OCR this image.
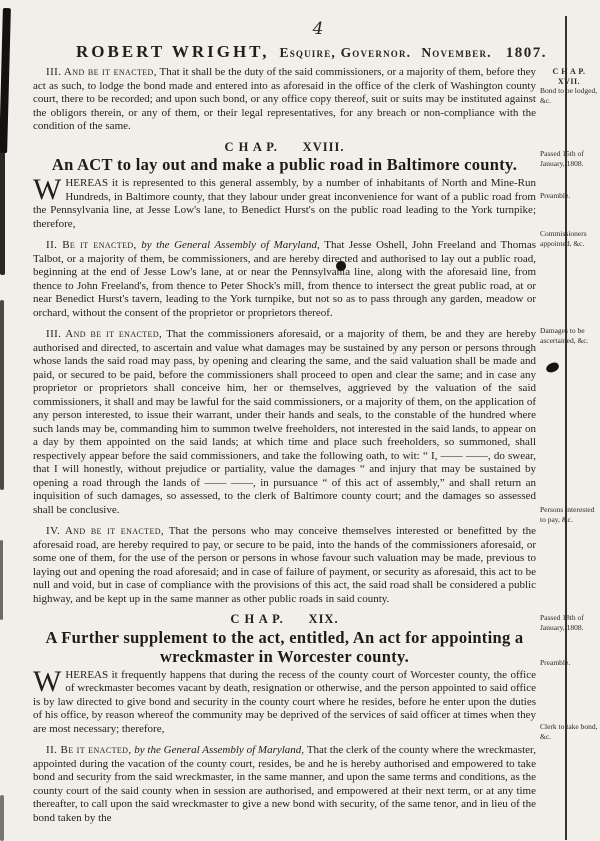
4
ROBERT WRIGHT, Esquire, Governor. November. 1807.

III. And be it enacted, That it shall be the duty of the said commissioners, or a majority of them, before they act as such, to lodge the bond made and entered into as aforesaid in the office of the clerk of Washington county court, there to be recorded; and upon such bond, or any office copy thereof, suit or suits may be instituted against the obligors therein, or any of them, or their legal representatives, for any breach or non-compliance with the condition of the same.

C H A P.      XVIII.

An ACT to lay out and make a public road in Baltimore county.

WHEREAS it is represented to this general assembly, by a number of inhabitants of North and Mine-Run Hundreds, in Baltimore county, that they labour under great inconvenience for want of a public road from the Pennsylvania line, at Jesse Low's lane, to Benedict Hurst's on the public road leading to the York turnpike; therefore,

II. Be it enacted, by the General Assembly of Maryland, That Jesse Oshell, John Freeland and Thomas Talbot, or a majority of them, be commissioners, and are hereby directed and authorised to lay out a public road, beginning at the end of Jesse Low's lane, at or near the Pennsylvania line, along with the aforesaid line, from thence to John Freeland's, from thence to Peter Shock's mill, from thence to intersect the great public road, at or near Benedict Hurst's tavern, leading to the York turnpike, but not so as to pass through any garden, meadow or orchard, without the consent of the proprietor or proprietors thereof.

III. And be it enacted, That the commissioners aforesaid, or a majority of them, be and they are hereby authorised and directed, to ascertain and value what damages may be sustained by any person or persons through whose lands the said road may pass, by opening and clearing the same, and the said valuation shall be made and paid, or secured to be paid, before the commissioners shall proceed to open and clear the same; and in case any proprietor or proprietors shall conceive him, her or themselves, aggrieved by the valuation of the said commissioners, it shall and may be lawful for the said commissioners, or a majority of them, on the application of any person interested, to issue their warrant, under their hands and seals, to the constable of the hundred where such lands may be, commanding him to summon twelve freeholders, not interested in the said lands, to appear on a day by them appointed on the said lands; at which time and place such freeholders, so summoned, shall respectively appear before the said commissioners, and take the following oath, to wit: “ I, —— ——, do swear, that I will honestly, without prejudice or partiality, value the damages “ and injury that may be sustained by opening a road through the lands of —— ——, in pursuance “ of this act of assembly,” and shall return an inquisition of such damages, so assessed, to the clerk of Baltimore county court; and the damages so assessed shall be conclusive.

IV. And be it enacted, That the persons who may conceive themselves interested or benefitted by the aforesaid road, are hereby required to pay, or secure to be paid, into the hands of the commissioners aforesaid, or some one of them, for the use of the person or persons in whose favour such valuation may be made, previous to laying out and opening the road aforesaid; and in case of failure of payment, or security as aforesaid, this act to be null and void, but in case of compliance with the provisions of this act, the said road shall be considered a public highway, and be kept up in the same manner as other public roads in said county.

C H A P.      XIX.

A Further supplement to the act, entitled, An act for appointing a wreckmaster in Worcester county.

WHEREAS it frequently happens that during the recess of the county court of Worcester county, the office of wreckmaster becomes vacant by death, resignation or otherwise, and the person appointed to said office is by law directed to give bond and security in the county court where he resides, before he enter upon the duties of his office, by reason whereof the community may be deprived of the services of said officer at times when they are most necessary; therefore,

II. Be it enacted, by the General Assembly of Maryland, That the clerk of the county where the wreckmaster, appointed during the vacation of the county court, resides, be and he is hereby authorised and empowered to take bond and security from the said wreckmaster, in the same manner, and upon the same terms and conditions, as the county court of the said county when in session are authorised, and empowered at their next term, or at any time thereafter, to call upon the said wreckmaster to give a new bond with security, of the same tenor, and in lieu of the bond taken by the

C H A P.
XVII.
Bond to be lodged, &c.
Passed 15th of January, 1808.
Preamble.
Commissioners appointed, &c.
Damages to be ascertained, &c.
Persons interested to pay, &c.
Passed 18th of January, 1808.
Preamble.
Clerk to take bond, &c.
